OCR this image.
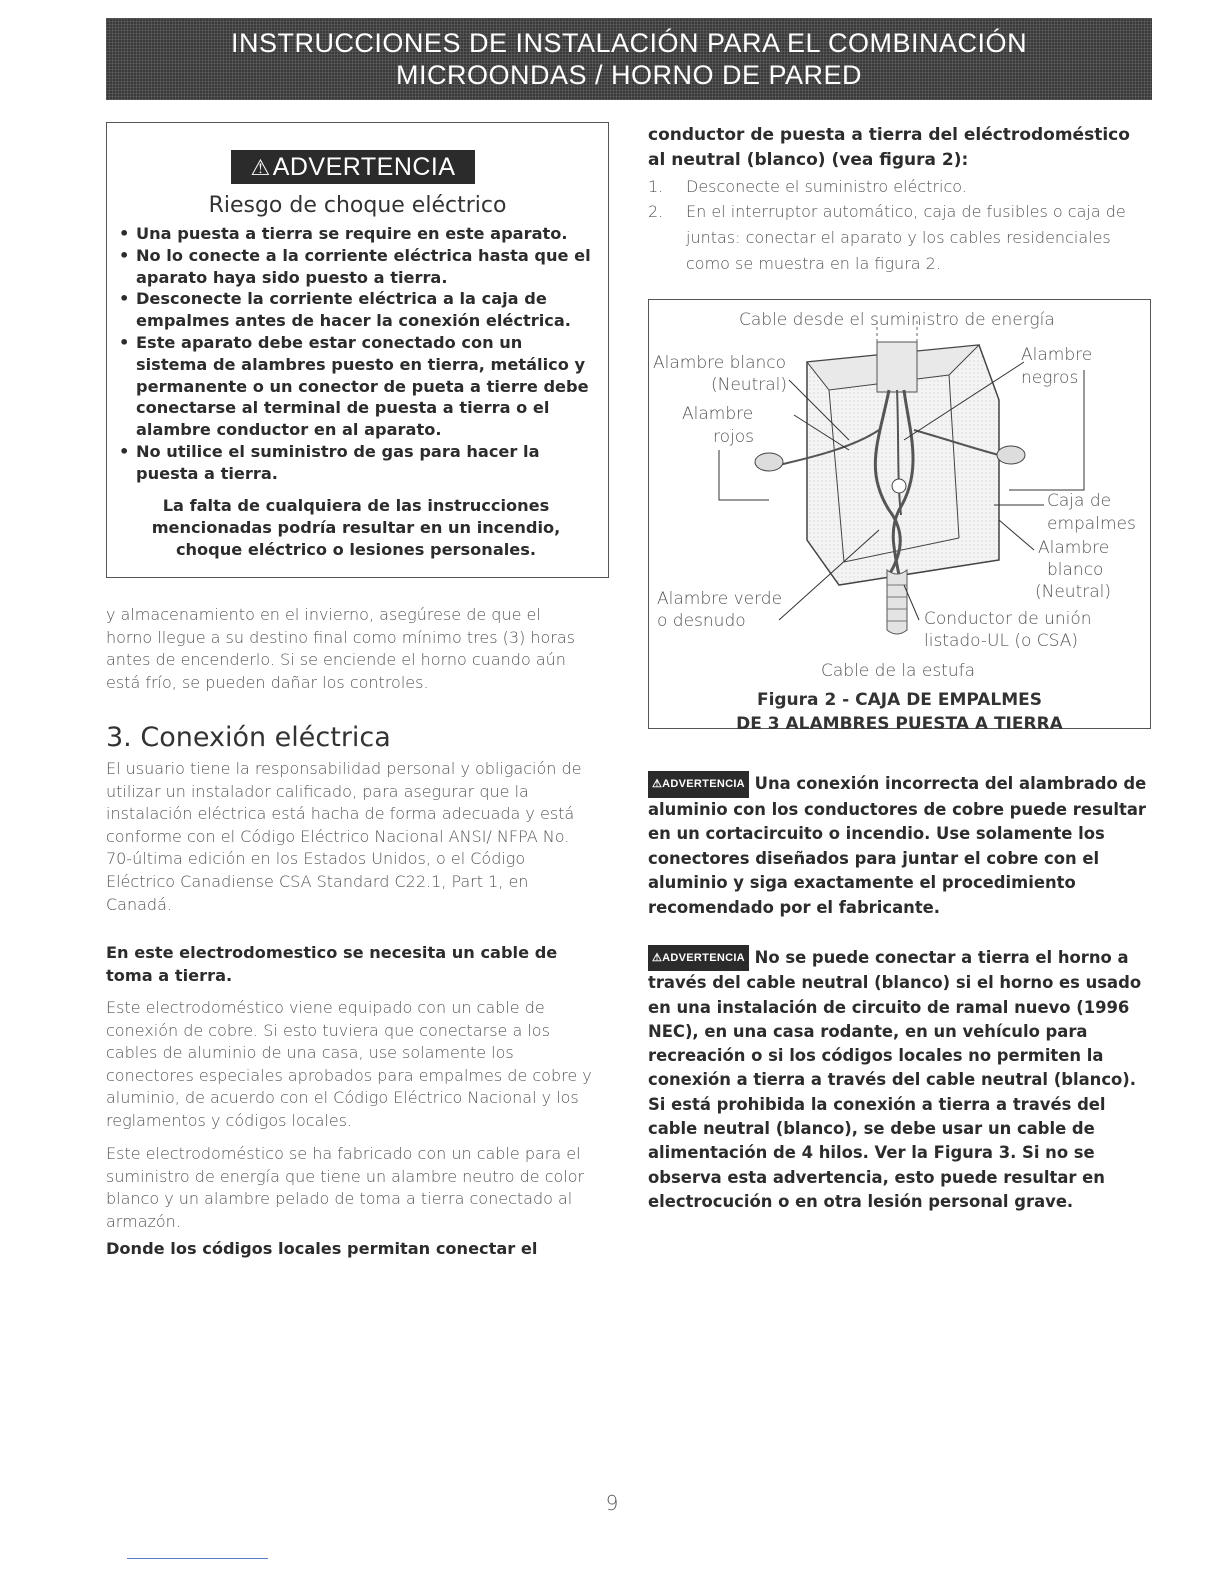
INSTRUCCIONES DE INSTALACIÓN PARA EL COMBINACIÓN
MICROONDAS / HORNO DE PARED
⚠ADVERTENCIA
Riesgo de choque eléctrico
• Una puesta a tierra se require en este aparato.
• No lo conecte a la corriente eléctrica hasta que el aparato haya sido puesto a tierra.
• Desconecte la corriente eléctrica a la caja de empalmes antes de hacer la conexión eléctrica.
• Este aparato debe estar conectado con un sistema de alambres puesto en tierra, metálico y permanente o un conector de pueta a tierre debe conectarse al terminal de puesta a tierra o el alambre conductor en al aparato.
• No utilice el suministro de gas para hacer la puesta a tierra.
La falta de cualquiera de las instrucciones mencionadas podría resultar en un incendio, choque eléctrico o lesiones personales.
y almacenamiento en el invierno, asegúrese de que el horno llegue a su destino final como mínimo tres (3) horas antes de encenderlo. Si se enciende el horno cuando aún está frío, se pueden dañar los controles.
3. Conexión eléctrica
El usuario tiene la responsabilidad personal y obligación de utilizar un instalador calificado, para asegurar que la instalación eléctrica está hacha de forma adecuada y está conforme con el Código Eléctrico Nacional ANSI/ NFPA No. 70-última edición en los Estados Unidos, o el Código Eléctrico Canadiense CSA Standard C22.1, Part 1, en Canadá.
En este electrodomestico se necesita un cable de toma a tierra.
Este electrodoméstico viene equipado con un cable de conexión de cobre. Si esto tuviera que conectarse a los cables de aluminio de una casa, use solamente los conectores especiales aprobados para empalmes de cobre y aluminio, de acuerdo con el Código Eléctrico Nacional y los reglamentos y códigos locales.
Este electrodoméstico se ha fabricado con un cable para el suministro de energía que tiene un alambre neutro de color blanco y un alambre pelado de toma a tierra conectado al armazón.
Donde los códigos locales permitan conectar el
conductor de puesta a tierra del eléctrodoméstico al neutral (blanco) (vea figura 2):
1.	Desconecte el suministro eléctrico.
2.	En el interruptor automático, caja de fusibles o caja de juntas: conectar el aparato y los cables residenciales como se muestra en la figura 2.
Cable desde el suministro de energía
Alambre blanco
(Neutral)
Alambre
rojos
Alambre
negros
Caja de
empalmes
Alambre
blanco
(Neutral)
Alambre verde
o desnudo	Conductor de unión
listado-UL (o CSA)
Cable de la estufa
Figura 2 - CAJA DE EMPALMES
DE 3 ALAMBRES PUESTA A TIERRA
⚠ADVERTENCIA Una conexión incorrecta del alambrado de aluminio con los conductores de cobre puede resultar en un cortacircuito o incendio. Use solamente los conectores diseñados para juntar el cobre con el aluminio y siga exactamente el procedimiento recomendado por el fabricante.
⚠ADVERTENCIA No se puede conectar a tierra el horno a través del cable neutral (blanco) si el horno es usado en una instalación de circuito de ramal nuevo (1996 NEC), en una casa rodante, en un vehículo para recreación o si los códigos locales no permiten la conexión a tierra a través del cable neutral (blanco). Si está prohibida la conexión a tierra a través del cable neutral (blanco), se debe usar un cable de alimentación de 4 hilos. Ver la Figura 3. Si no se observa esta advertencia, esto puede resultar en electrocución o en otra lesión personal grave.
9
